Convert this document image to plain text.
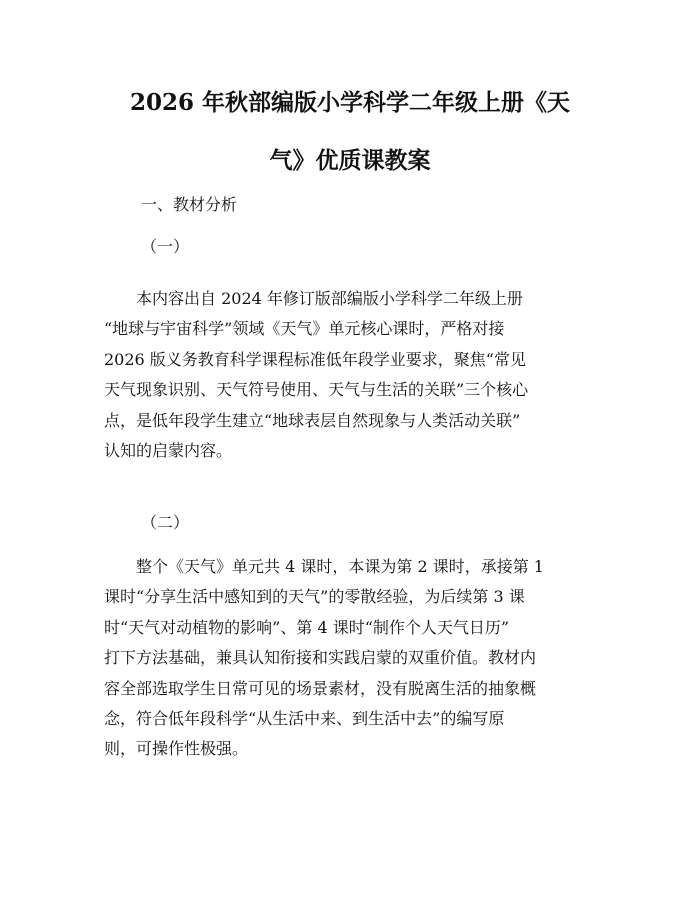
2026 年秋部编版小学科学二年级上册《天
气》优质课教案
一、教材分析
（一）
　　本内容出自 2024 年修订版部编版小学科学二年级上册
“地球与宇宙科学”领域《天气》单元核心课时，严格对接
2026 版义务教育科学课程标准低年段学业要求，聚焦“常见
天气现象识别、天气符号使用、天气与生活的关联”三个核心
点，是低年段学生建立“地球表层自然现象与人类活动关联”
认知的启蒙内容。
（二）
　　整个《天气》单元共 4 课时，本课为第 2 课时，承接第 1
课时“分享生活中感知到的天气”的零散经验，为后续第 3 课
时“天气对动植物的影响”、第 4 课时“制作个人天气日历”
打下方法基础，兼具认知衔接和实践启蒙的双重价值。教材内
容全部选取学生日常可见的场景素材，没有脱离生活的抽象概
念，符合低年段科学“从生活中来、到生活中去”的编写原
则，可操作性极强。
